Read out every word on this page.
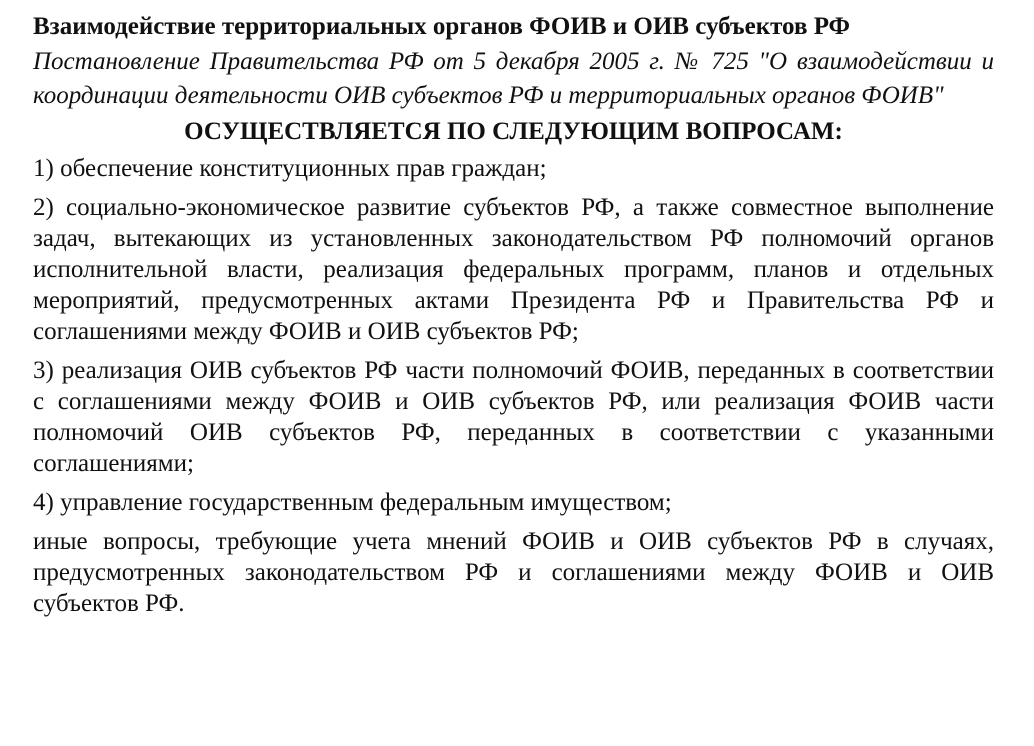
Взаимодействие территориальных органов ФОИВ и ОИВ субъектов РФ
Постановление Правительства РФ от 5 декабря 2005 г. № 725 "О взаимодействии и координации деятельности ОИВ субъектов РФ и территориальных органов ФОИВ"
ОСУЩЕСТВЛЯЕТСЯ ПО СЛЕДУЮЩИМ ВОПРОСАМ:
1) обеспечение конституционных прав граждан;
2) социально-экономическое развитие субъектов РФ, а также совместное выполнение задач, вытекающих из установленных законодательством РФ полномочий органов исполнительной власти, реализация федеральных программ, планов и отдельных мероприятий, предусмотренных актами Президента РФ и Правительства РФ и соглашениями между ФОИВ и ОИВ субъектов РФ;
3) реализация ОИВ субъектов РФ части полномочий ФОИВ, переданных в соответствии с соглашениями между ФОИВ и ОИВ субъектов РФ, или реализация ФОИВ части полномочий ОИВ субъектов РФ, переданных в соответствии с указанными соглашениями;
4) управление государственным федеральным имуществом;
иные вопросы, требующие учета мнений ФОИВ и ОИВ субъектов РФ в случаях, предусмотренных законодательством РФ и соглашениями между ФОИВ и ОИВ субъектов РФ.
